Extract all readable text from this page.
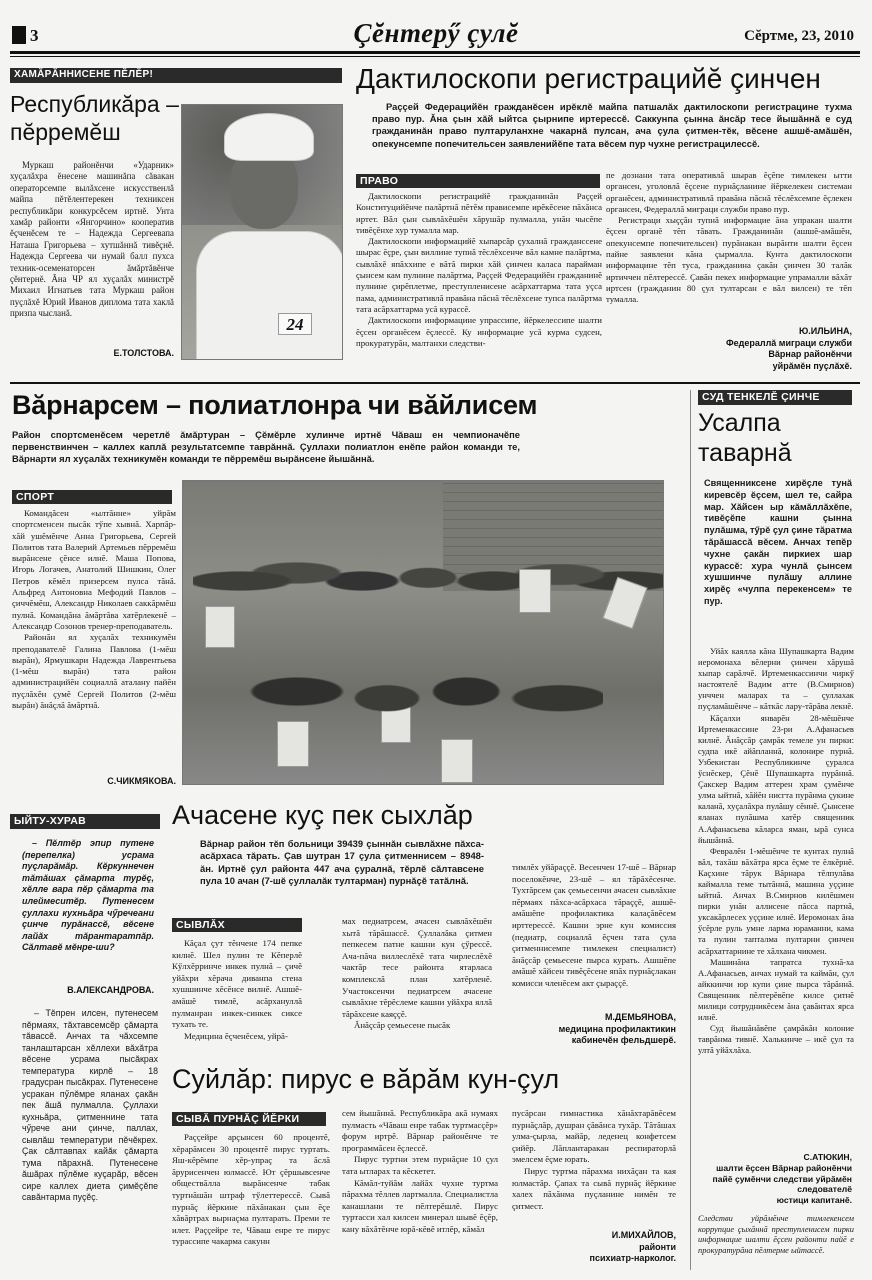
3	Çĕнтерӳ çулĕ	Сĕртме, 23, 2010
ХАМĂРĂННИСЕНЕ ПĔЛĔР!
Республикăра – пĕрремĕш
Муркаш районĕнчи «Ударник» хуçалăхра ĕнесене машинăпа сăвакан операторсемпе вылăхсене искусственлă майпа пĕтĕлентерекен техниксен республикăри конкурсĕсем иртнĕ. Унта хамăр районти «Янгорчино» кооператив ĕçченĕсем те – Надежда Сергеевапа Наташа Григорьева – хутшăннă тивĕçнĕ. Надежда Сергеева чи нумай балл пухса техник-осеменаторсен ăмăртăвĕнче çĕнтернĕ. Ăна ЧР ял хуçалăх министрĕ Михаил Игнатьев тата Муркаш район пуçлăхĕ Юрий Иванов диплома тата хаклă призпа чысланă.
Е.ТОЛСТОВА.
24
Дактилоскопи регистрацийĕ çинчен
Раççей Федерацийĕн гражданĕсен ирĕклĕ майпа патшалăх дактилоскопи регистрацине тухма право пур. Ăна çын хăй ыйтса çырнипе иртерессĕ. Саккунпа çынна ăнсăр тесе йышăннă е суд гражданинăн право пултаруланхне чакарнă пулсан, ача çула çитмен-тĕк, вĕсене ашшĕ-амăшĕн, опекунсемпе попечительсен заявленийĕпе тата вĕсем пур чухне регистрацилессĕ.
ПРАВО

Дактилоскопи регистрацийĕ гражданинăн Раççей Конституцийĕнче палăртнă пĕтĕм прависемпе ирĕкĕсене пăхăнса иртет. Вăл çын сывлăхĕшĕн хăрушăр пулмалла, унăн чысĕпе тивĕçĕнхе хур тумалла мар.

Дактилоскопи информацийĕ хыпарсăр çухалнă гражданссене шырас ĕçре, çын виллине тупнă тĕслĕхсенче вăл камне палăртма, сывлăхĕ япăххипе е вăтă пирки хăй çинчен каласа парайман çынсем кам пулнине палăртма, Раççей Федерацийĕн гражданинĕ пулнине çирĕплетме, преступленисене асăрхаттарма тата уçса пама, административлă правăна пăснă тĕслĕхсене тупса палăртма тата асăрхаттарма усă курассĕ.

Дактилоскопи информацине упрассипе, йĕркелессипе шалти ĕçсен органĕсем ĕçлессĕ. Ку информацие усă курма судсен, прокуратурăн, малтанхи следстви-

пе дознани тата оперативлă шырав ĕçĕпе тимлекен ытти органсен, уголовлă ĕçсене пурнăçланине йĕркелекен системан органĕсен, административлă правăна пăснă тĕслĕхсемпе ĕçлекен органсен, Федераллă миграци служби право пур.

Регистраци хыççăн тупнă информацие ăна упракан шалти ĕçсен органĕ тĕп тăвать. Гражданинăн (ашшĕ-амăшĕн, опекунсемпе попечительсен) пурăнакан вырăнти шалти ĕçсен пайне заявлени кăна çырмалла. Кунта дактилоскопи информацине тĕп туса, гражданина çакăн çинчен 30 талăк иртиччен пĕлтерессĕ. Çавăн пекех информацие упрамалли вăхăт иртсен (гражданин 80 çул тултарсан е вăл вилсен) те тĕп тумалла.

Ю.ИЛЬИНА,
Федераллă миграци служби
Вăрнар районĕнчи
уйрăмĕн пуçлăхĕ.
Вăрнарсем – полиатлонра чи вăйлисем
Район спортсменĕсем черетлĕ ăмăртуран – Çĕмĕрле хулинче иртнĕ Чăваш ен чемпионачĕпе первенствинчен – каллех каплă результатсемпе таврăннă. Çуллахи полиатлон енĕпе район команди те, Вăрнарти ял хуçалăх техникумĕн команди те пĕрремĕш вырăнсене йышăннă.
СПОРТ

Командăсен «ылтăнне» уйрăм спортсменсен пысăк тӳпе хывнă. Харпăр-хăй ушĕмĕнче Анна Григорьева, Сергей Политов тата Валерий Артемьев пĕрремĕш вырăнсене çĕнсе илнĕ. Маша Попова, Игорь Логачев, Анатолий Шишкин, Олег Петров кĕмĕл призерсем пулса тăнă. Альфред Антоновна Мефодий Павлов – çиччĕмĕш, Александр Николаев саккăрмĕш пулнă. Командăна ăмăртăва хатĕрлекенĕ – Александр Созонов тренер-преподаватель.

Районăн ял хуçалăх техникумĕн преподавателĕ Галина Павлова (1-мĕш вырăн), Ярмушкари Надежда Лаврентьева (1-мĕш вырăн) тата район администрацийĕн социаллă аталану пайĕн пуçлăхĕн çумĕ Сергей Политов (2-мĕш вырăн) ăнăçлă ăмăртнă.

С.ЧИКМЯКОВА.
СУД ТЕНКЕЛĔ ÇИНЧЕ
Усалпа таварнă
Священниксене хирĕçле тунă киревсĕр ĕçсем, шел те, сайра мар. Хăйсен ыр кăмăллăхĕпе, тивĕçĕпе кашни çынна пулăшма, тӳрĕ çул çине тăратма тăрăшассă вĕсем. Анчах тепĕр чухне çакăн пиркиех шар курассĕ: хура чунлă çынсем хушшинче пулăшу аллине хирĕç «чулпа перекенсем» те пур.

Уйăх каялла кăна Шупашкарта Вадим иеромонаха вĕлерни çинчен хăрушă хыпар сарăлчĕ. Иртеменкассинчи чиркӳ настоятелĕ Вадим атте (В.Смирнов) унччен маларах та – çуллахак пуçламăшĕнче – кăткăс лару-тăрăва лекнĕ.

Кăçалхи январĕн 28-мĕшĕнче Иртеменкассине 23-ри А.Афанасьев килнĕ. Ăнăçсăр çамрăк темеле ун пирки: судпа икĕ айăпланнă, колонире пурнă. Узбекистан Республикинче çуралса ӳснĕскер, Çĕнĕ Шупашкарта пурăннă. Çакскер Вадим аттерен храм çумĕнче улмa ыйтнă, хăйĕн нисгта пурăнма çукине каланă, хуçалăхра пулăшу сĕннĕ. Çынсене яланах пулăшма хатĕр священник А.Афанасьева кăларса яман, ырă сунса йышăннă.

Февралĕн 1-мĕшĕнче те кунтах пулнă вăл, тахăш вăхăтра ярса ĕçме те ĕлкĕрнĕ. Каçхине тăрук Вăрнара тĕлпулăва каймалла теме тытăннă, машина уççине ыйтнă. Анчах В.Смирнов килĕшмен пирки унăн аллисене пăсса партнă, уксакăрлесех уççине илнĕ. Иеромонах ăна ӳсĕрле руль умне ларма юраманни, кама та пулин тапталма пултарни çинчен асăрхаттарнине те хăлхана чикмен.

Машинăна тапратса тухнă-ха А.Афанасьев, анчах нумай та каймăн, çул айккинчи юр купи çине пырса тăрăннă. Священник пĕлтерĕвĕпе килсе çитнĕ милици сотрудникĕсем ăна çавăнтах ярса илнĕ.

Суд йышăнăвĕпе çамрăкăн колоние таврăнма тивнĕ. Халькинче – икĕ çул та ултă уйăхлăха.

С.АТЮКИН,
шалти ĕçсен Вăрнар районĕнчи
пайĕ çумĕнчи следстви уйрăмĕн
следователĕ
юстици капитанĕ.
Следстви уйрăмĕнче тимлекенсем коррупцие çыхăннă преступленисем пирки информацие шалти ĕçсен районти пайĕ е прокуратурăна пĕлтерме ыйтассĕ.
ЫЙТУ-ХУРАВ
– Пĕлтĕр эпир путене (перепелка) усрама пуçларăмăр. Кĕркуннечен тăтăшах çăмарта турĕç, хĕлле вара пĕр çăмарта та илеймеситĕр. Путенесем çуллахи кухньăра чӳречеани çинче пурăнассĕ, вĕсене лайăх тăрантаратпăр. Сăлтавĕ мĕнре-ши?
В.АЛЕКСАНДРОВА.
– Тĕпрен илсен, путенесем пĕрмаях, тăхтавсемсĕр çăмарта тăвассĕ. Анчах та чăхсемпе танлаштарсан хĕллехи вăхăтра вĕсене усрама пысăкрах температура кирлĕ – 18 градусран пысăкрах. Путенесене усракан пӳлĕмре яланах çакăн пек ăшă пулмалла. Çуллахи кухньăра, çитменнине тата чӳрече ани çинче, паллах, сывлăш температури пĕчĕкрех. Çак сăлтавпах кайăк çăмарта тума пăрахнă. Путенесене ăшăрах пӳлĕме куçарăр, вĕсен сире каллех диета çимĕçĕпе савăнтарма пуçĕç.
Ачасене куç пек сыхлăр
Вăрнар район тĕп больници 39439 çыннăн сывлăхне пăхса-асăрхаса тăрать. Çав шутран 17 çула çитменнисем – 8948-ăн. Иртнĕ çул районта 447 ача çуралнă, тĕрлĕ сăлтавсене пула 10 ачан (7-шĕ çуллалăк тултарман) пурнăçĕ татăлнă.
СЫВЛĂХ

Кăçал çут тĕнчене 174 пепке килнĕ. Шел пулин те Кĕперлĕ Кӳлхĕрринче инкек пулнă – çичĕ уйăхри хĕрача диванпа стена хушшинче хĕсĕнсе вилнĕ. Ашшĕ-амăшĕ тимлĕ, асăрхануллă пулманран инкек-синкек сиксе тухать те.

Медицина ĕçченĕсем, уйрă-

мах педиатрсем, ачасен сывлăхĕшĕн хытă тăрăшассĕ. Çуллалăка çитмен пепкесем патне кашни кун çӳрессĕ. Ача-пăча виллеслĕхĕ тата чирлеслĕхĕ чактăр тесе районта ятарласа комплекслă план хатĕрленĕ. Участоксенчи педиатрсем ачасене сывлăхне тĕрĕслеме кашни уйăхра яллă тăрăхсене каяççĕ.

Ăнăçсăр çемьесене пысăк

тимлĕх уйăраççĕ. Весенчен 17-шĕ – Вăрнар поселокĕнче, 23-шĕ – ял тăрăхĕсенче. Тухтăрсем çак çемьесенчи ачасен сывлăхне пĕрмаях пăхса-асăрхаса тăраççĕ, ашшĕ-амăшĕпе профилактика калаçăвĕсем ирттерессĕ. Кашни эрне кун комиссия (педиатр, социаллă ĕçчен тата çула çитменнисемпе тимлекен специалист) ăнăçсăр çемьесене пырса курать. Ашшĕпе амăшĕ хăйсен тивĕçĕсене япăх пурнăçлакан комисси членĕсем акт çыраççĕ.

М.ДЕМЬЯНОВА,
медицина профилактикин
кабинечĕн фельдшерĕ.
Суйлăр: пирус е вăрăм кун-çул
СЫВĂ ПУРНĂÇ ЙĔРКИ
Раççейре арçынсен 60 процентĕ, хĕрарăмсен 30 процентĕ пирус туртать. Яш-кĕрĕмпе хĕр-упраç та ăслă ăрурисенчен юлмассĕ. Ют çĕршывсенче обществăлла вырăнсенче табак туртнăшăн штраф тӳлеттерессĕ. Сывă пурнăç йĕркине пăхăнакан çын ĕçе хăвăртрах вырнаçма пултарать. Преми те илет. Раççейре те, Чăваш енре те пирус турассипе чакарма сакунн

сем йышăннă. Республикăра акă нумаях пулмасть «Чăваш енре табак туртмасçĕр» форум иртрĕ. Вăрнар районĕнче те программăсен ĕçлессĕ.

Пирус туртни этем пурнăçне 10 çул тата ытларах та кĕскетет.

Кăмăл-туйăм лайăх чухне туртма пăрахма тĕллев лартмалла. Специалистла канашлани те пĕлтерĕшлĕ. Пирус туртасси хал килсен минерал шывĕ ĕçĕр, кану вăхăтĕнче юрă-кĕвĕ итлĕр, кăмăл

пусăрсан гимнастика хăнăхтарăвĕсем пурнăçлăр, душран çăвăнса тухăр. Тăтăшах улма-çырла, майăр, леденец конфетсем çийĕр. Лăплантаракан респираторлă эмелсем ĕçме юрать.

Пирус туртма пăрахма нихăçан та кая юлмастăр. Çапах та сывă пурнăç йĕркине халех пăхăнма пуçланине нимĕн те çитмест.

И.МИХАЙЛОВ,
районти
психиатр-нарколог.
